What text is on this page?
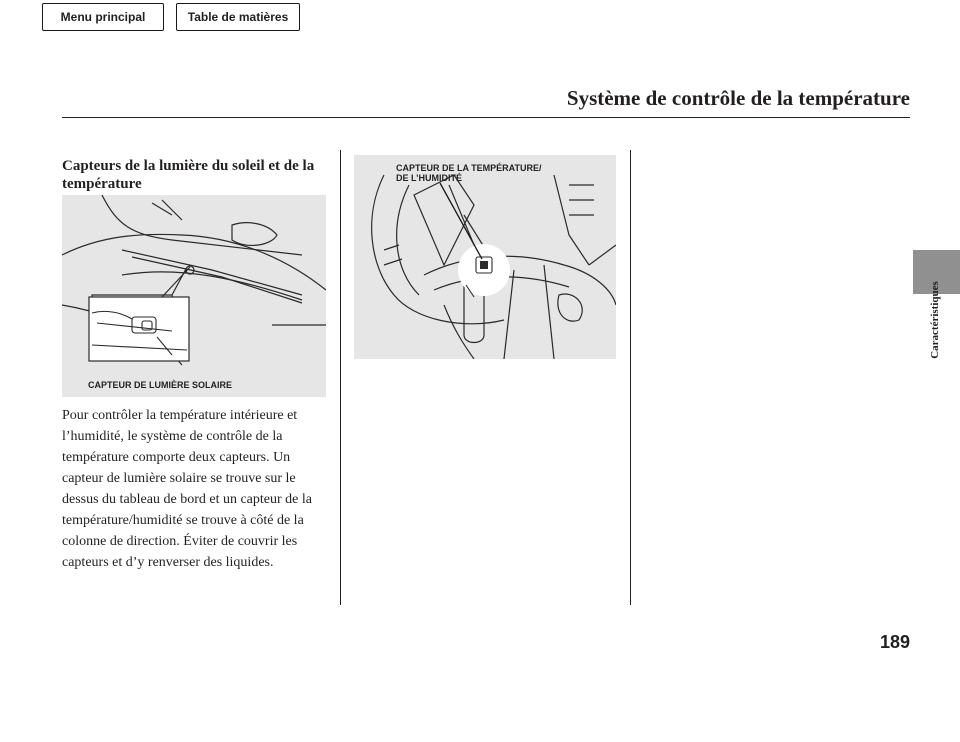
Menu principal	Table de matières
Système de contrôle de la température
Capteurs de la lumière du soleil et de la température
CAPTEUR DE LUMIÈRE SOLAIRE
CAPTEUR DE LA TEMPÉRATURE/
DE L’HUMIDITÉ

Pour contrôler la température intérieure et l’humidité, le système de contrôle de la température comporte deux capteurs. Un capteur de lumière solaire se trouve sur le dessus du tableau de bord et un capteur de la température/humidité se trouve à côté de la colonne de direction. Éviter de couvrir les capteurs et d’y renverser des liquides.

Caractéristiques

189
